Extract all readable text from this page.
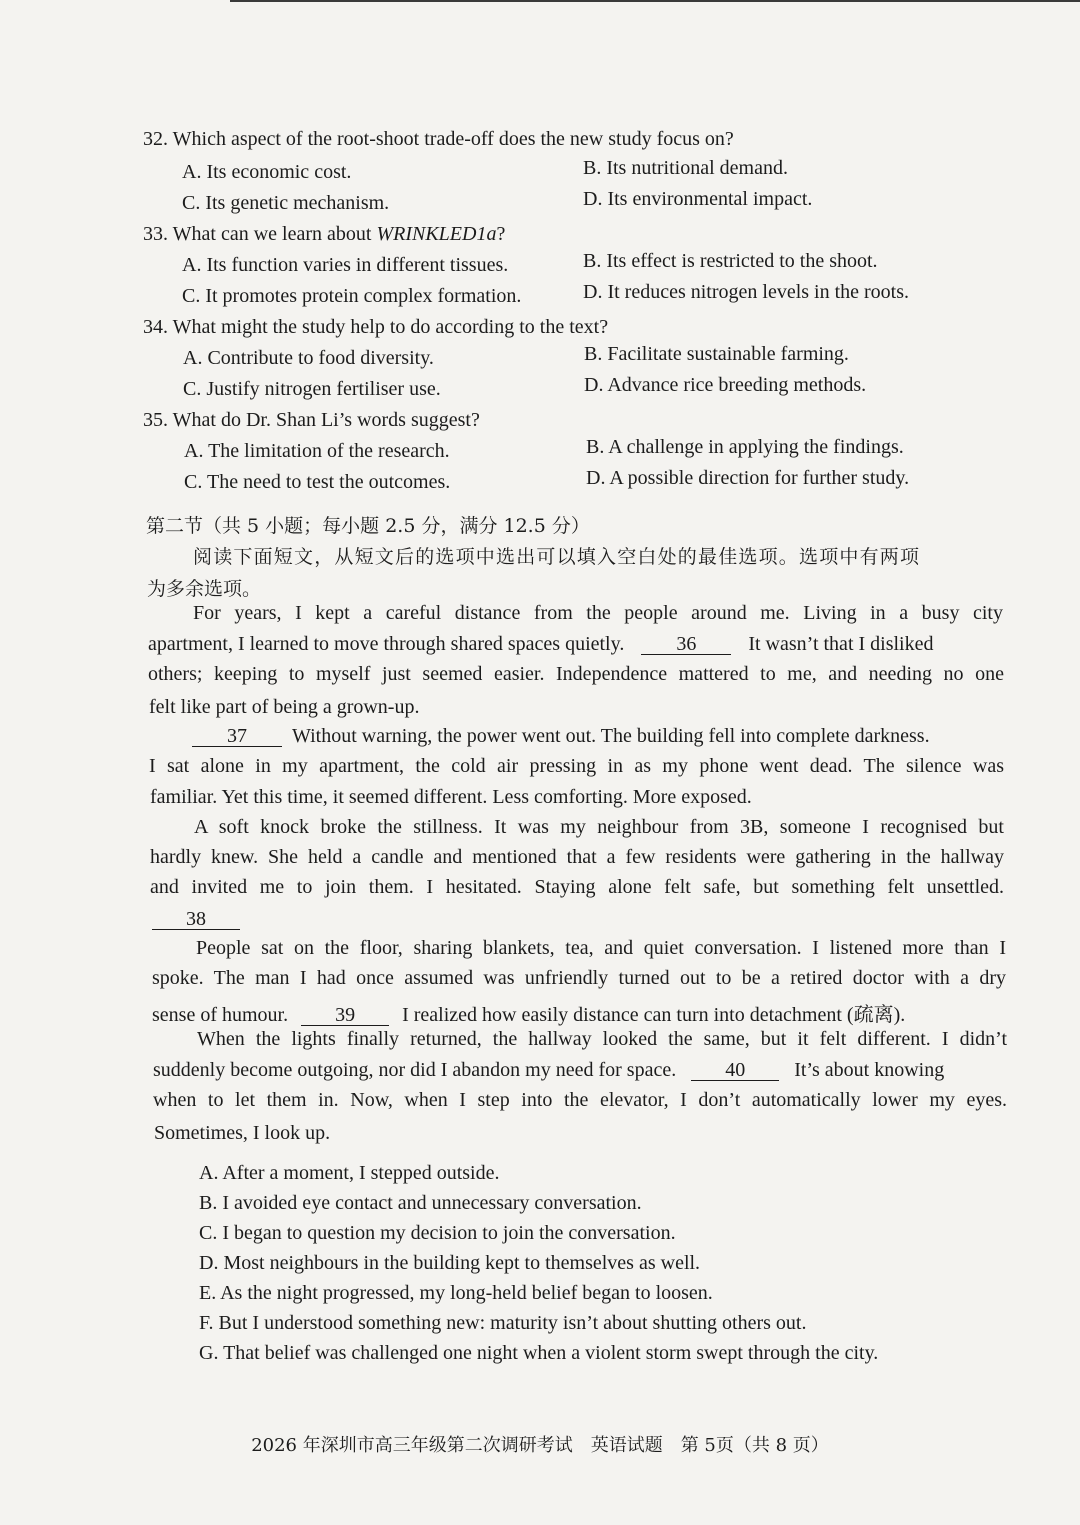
32. Which aspect of the root-shoot trade-off does the new study focus on?
A. Its economic cost.	B. Its nutritional demand.
C. Its genetic mechanism.	D. Its environmental impact.
33. What can we learn about WRINKLED1a?
A. Its function varies in different tissues.	B. Its effect is restricted to the shoot.
C. It promotes protein complex formation.	D. It reduces nitrogen levels in the roots.
34. What might the study help to do according to the text?
A. Contribute to food diversity.	B. Facilitate sustainable farming.
C. Justify nitrogen fertiliser use.	D. Advance rice breeding methods.
35. What do Dr. Shan Li’s words suggest?
A. The limitation of the research.	B. A challenge in applying the findings.
C. The need to test the outcomes.	D. A possible direction for further study.
第二节（共 5 小题；每小题 2.5 分，满分 12.5 分）
阅读下面短文，从短文后的选项中选出可以填入空白处的最佳选项。选项中有两项
为多余选项。
For years, I kept a careful distance from the people around me. Living in a busy city
apartment, I learned to move through shared spaces quietly.	36	It wasn’t that I disliked
others; keeping to myself just seemed easier. Independence mattered to me, and needing no one
felt like part of being a grown-up.
37 Without warning, the power went out. The building fell into complete darkness.
I sat alone in my apartment, the cold air pressing in as my phone went dead. The silence was
familiar. Yet this time, it seemed different. Less comforting. More exposed.
A soft knock broke the stillness. It was my neighbour from 3B, someone I recognised but
hardly knew. She held a candle and mentioned that a few residents were gathering in the hallway
and invited me to join them. I hesitated. Staying alone felt safe, but something felt unsettled.
38
People sat on the floor, sharing blankets, tea, and quiet conversation. I listened more than I
spoke. The man I had once assumed was unfriendly turned out to be a retired doctor with a dry
sense of humour. 39 I realized how easily distance can turn into detachment (疏离).
When the lights finally returned, the hallway looked the same, but it felt different. I didn’t
suddenly become outgoing, nor did I abandon my need for space. 40 It’s about knowing
when to let them in. Now, when I step into the elevator, I don’t automatically lower my eyes.
Sometimes, I look up.
A. After a moment, I stepped outside.
B. I avoided eye contact and unnecessary conversation.
C. I began to question my decision to join the conversation.
D. Most neighbours in the building kept to themselves as well.
E. As the night progressed, my long-held belief began to loosen.
F. But I understood something new: maturity isn’t about shutting others out.
G. That belief was challenged one night when a violent storm swept through the city.
2026 年深圳市高三年级第二次调研考试　英语试题　第 5页（共 8 页）
